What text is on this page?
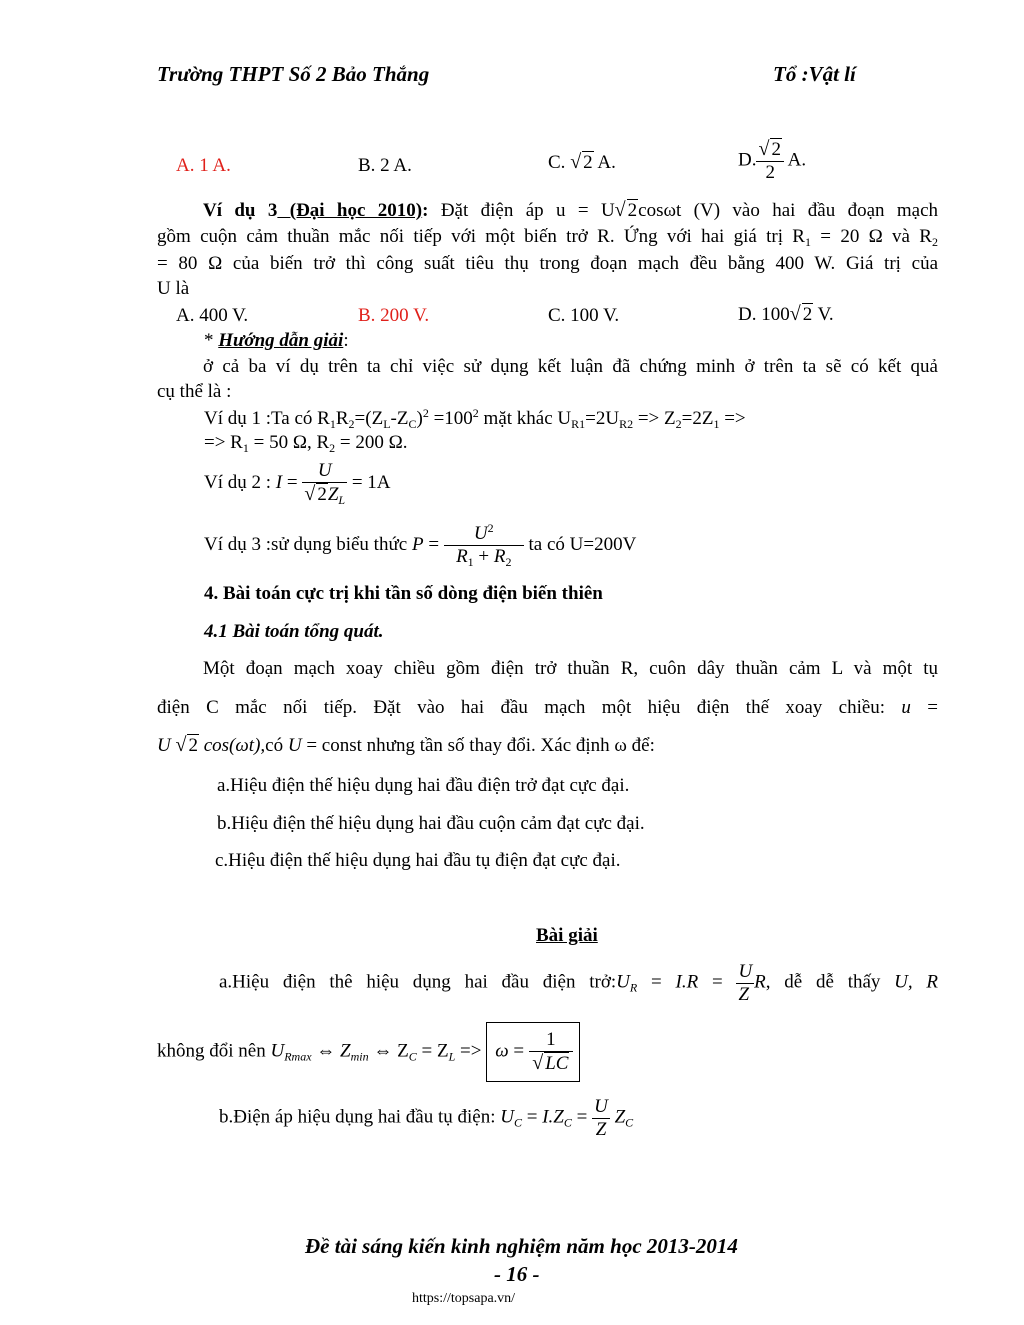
Trường THPT Số 2 Bảo Thắng	Tổ :Vật lí
A. 1 A.	B. 2 A.	C. √ 2 A.	D. $\frac{√ 2}{2} A$.
Ví dụ 3 (Đại học 2010): Đặt điện áp u = U√ 2cosωt (V) vào hai đầu đoạn mạch
gồm cuộn cảm thuần mắc nối tiếp với một biến trở R. Ứng với hai giá trị $R_1 = 20$ Ω và $R_2$
= 80 Ω của biến trở thì công suất tiêu thụ trong đoạn mạch đều bằng 400 W. Giá trị của
U là
A. 400 V.	B. 200 V.	C. 100 V.	D. 100√ 2 V.
* Hướng dẫn giải:
ở cả ba ví dụ trên ta chỉ việc sử dụng kết luận đã chứng minh ở trên ta sẽ có kết quả
cụ thể là :
Ví dụ 1 :Ta có $R_1R_2=(Z_L-Z_C)^2 =100^2$ mặt khác $U_{R1}=2U_{R2} => Z_2=2Z_1$ =>
=> $R_1 = 50$ Ω, $R_2 = 200$ Ω.
Ví dụ 2 : $I = \frac{U}{√ 2Z_L} = 1A$
Ví dụ 3 :sử dụng biểu thức $P = \frac{U^2}{R_1 + R_2}$ ta có U=200V
4. Bài toán cực trị khi tần số dòng điện biến thiên
4.1 Bài toán tổng quát.
Một đoạn mạch xoay chiều gồm điện trở thuần R, cuôn dây thuần cảm L và một tụ
điện C mắc nối tiếp. Đặt vào hai đầu mạch một hiệu điện thế xoay chiều: u =
U √ 2 cos(ωt),có U = const nhưng tần số thay đổi. Xác định ω để:
a.Hiệu điện thế hiệu dụng hai đầu điện trở đạt cực đại.
b.Hiệu điện thế hiệu dụng hai đầu cuộn cảm đạt cực đại.
c.Hiệu điện thế hiệu dụng hai đầu tụ điện đạt cực đại.
Bài giải
a.Hiệu điện thê hiệu dụng hai đầu điện $trở:U_R = I.R = \frac{U}{Z} R$, dễ dễ thấy U, R
không đổi nên $U_{Rmax}$ ⇔ $Z_{min}$ ⇔ $Z_C = Z_L => \omega = \frac{1}{√ LC}$
b.Điện áp hiệu dụng hai đầu tụ điện: $U_C = I.Z_C = \frac{U}{Z} Z_C$
Đề tài sáng kiến kinh nghiệm năm học 2013-2014
- 16 -
https://topsapa.vn/
